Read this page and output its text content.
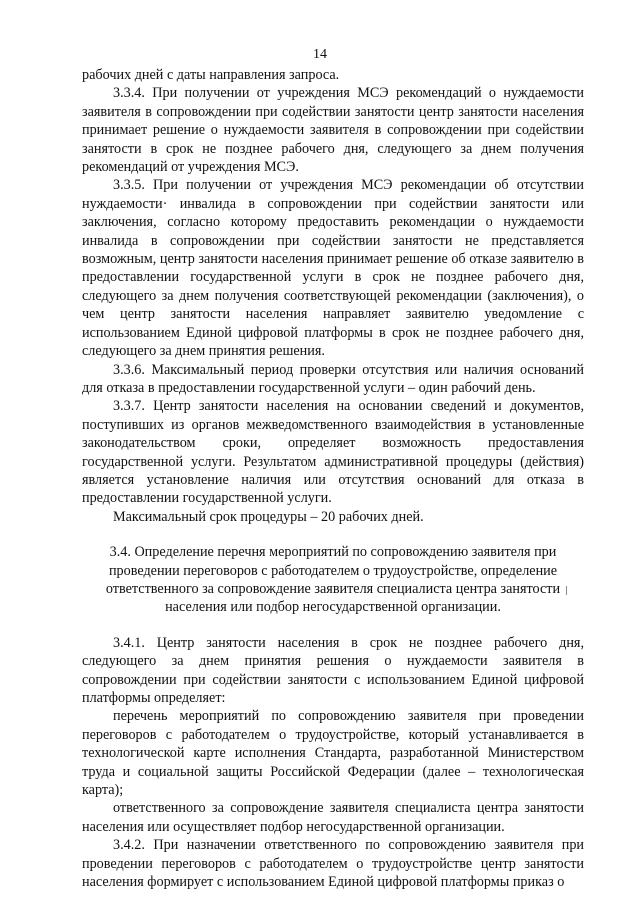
14

рабочих дней с даты направления запроса.

3.3.4. При получении от учреждения МСЭ рекомендаций о нуждаемости заявителя в сопровождении при содействии занятости центр занятости населения принимает решение о нуждаемости заявителя в сопровождении при содействии занятости в срок не позднее рабочего дня, следующего за днем получения рекомендаций от учреждения МСЭ.

3.3.5. При получении от учреждения МСЭ рекомендации об отсутствии нуждаемости· инвалида в сопровождении при содействии занятости или заключения, согласно которому предоставить рекомендации о нуждаемости инвалида в сопровождении при содействии занятости не представляется возможным, центр занятости населения принимает решение об отказе заявителю в предоставлении государственной услуги в срок не позднее рабочего дня, следующего за днем получения соответствующей рекомендации (заключения), о чем центр занятости населения направляет заявителю уведомление с использованием Единой цифровой платформы в срок не позднее рабочего дня, следующего за днем принятия решения.

3.3.6. Максимальный период проверки отсутствия или наличия оснований для отказа в предоставлении государственной услуги – один рабочий день.

3.3.7. Центр занятости населения на основании сведений и документов, поступивших из органов межведомственного взаимодействия в установленные законодательством сроки, определяет возможность предоставления государственной услуги. Результатом административной процедуры (действия) является установление наличия или отсутствия оснований для отказа в предоставлении государственной услуги.

Максимальный срок процедуры – 20 рабочих дней.

3.4. Определение перечня мероприятий по сопровождению заявителя при проведении переговоров с работодателем о трудоустройстве, определение ответственного за сопровождение заявителя специалиста центра занятости населения или подбор негосударственной организации.

3.4.1. Центр занятости населения в срок не позднее рабочего дня, следующего за днем принятия решения о нуждаемости заявителя в сопровождении при содействии занятости с использованием Единой цифровой платформы определяет:

перечень мероприятий по сопровождению заявителя при проведении переговоров с работодателем о трудоустройстве, который устанавливается в технологической карте исполнения Стандарта, разработанной Министерством труда и социальной защиты Российской Федерации (далее – технологическая карта);

ответственного за сопровождение заявителя специалиста центра занятости населения или осуществляет подбор негосударственной организации.

3.4.2. При назначении ответственного по сопровождению заявителя при проведении переговоров с работодателем о трудоустройстве центр занятости населения формирует с использованием Единой цифровой платформы приказ о
